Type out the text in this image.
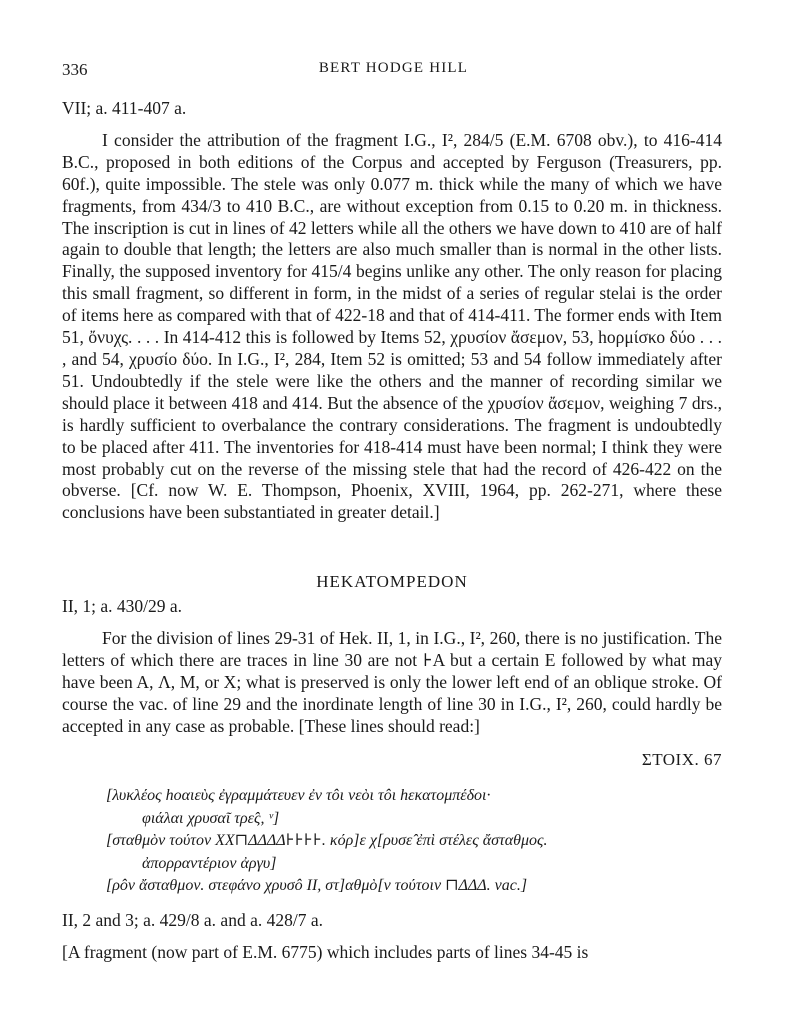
336	BERT HODGE HILL

VII; a. 411-407 a.

I consider the attribution of the fragment I.G., I², 284/5 (E.M. 6708 obv.), to 416-414 B.C., proposed in both editions of the Corpus and accepted by Ferguson (Treasurers, pp. 60f.), quite impossible. The stele was only 0.077 m. thick while the many of which we have fragments, from 434/3 to 410 B.C., are without exception from 0.15 to 0.20 m. in thickness. The inscription is cut in lines of 42 letters while all the others we have down to 410 are of half again to double that length; the letters are also much smaller than is normal in the other lists. Finally, the supposed inventory for 415/4 begins unlike any other. The only reason for placing this small fragment, so different in form, in the midst of a series of regular stelai is the order of items here as compared with that of 422-18 and that of 414-411. The former ends with Item 51, ὄνυχς. . . . In 414-412 this is followed by Items 52, χρυσίον ἄσεμον, 53, hορμίσκο δύο . . . , and 54, χρυσίο δύο. In I.G., I², 284, Item 52 is omitted; 53 and 54 follow immediately after 51. Undoubtedly if the stele were like the others and the manner of recording similar we should place it between 418 and 414. But the absence of the χρυσίον ἄσεμον, weighing 7 drs., is hardly sufficient to overbalance the contrary considerations. The fragment is undoubtedly to be placed after 411. The inventories for 418-414 must have been normal; I think they were most probably cut on the reverse of the missing stele that had the record of 426-422 on the obverse. [Cf. now W. E. Thompson, Phoenix, XVIII, 1964, pp. 262-271, where these conclusions have been substantiated in greater detail.]

HEKATOMPEDON

II, 1; a. 430/29 a.

For the division of lines 29-31 of Hek. II, 1, in I.G., I², 260, there is no justification. The letters of which there are traces in line 30 are not ⊦A but a certain E followed by what may have been A, Λ, M, or X; what is preserved is only the lower left end of an oblique stroke. Of course the vac. of line 29 and the inordinate length of line 30 in I.G., I², 260, could hardly be accepted in any case as probable. [These lines should read:]

ΣTOIX. 67

[λυκλέος hοαιεὺς ἐγραμμάτευεν ἐν τôι νεὸι τôι hεκατομπέδοι·

φιάλαι χρυσαῖ τρε̂ς, ᵛ]

[σταθμὸν τούτον XX⊓ΔΔΔΔ⊦⊦⊦⊦. κόρ]ε χ[ρυσε̂ ἐπὶ στέλες ἄσταθμος.

ἀπορραντέριον ἀργυ]

[ρôν ἄσταθμον. στεφάνο χρυσô II, στ]αθμὸ[ν τούτοιν ⊓ΔΔΔ. vac.]

II, 2 and 3; a. 429/8 a. and a. 428/7 a.

[A fragment (now part of E.M. 6775) which includes parts of lines 34-45 is
